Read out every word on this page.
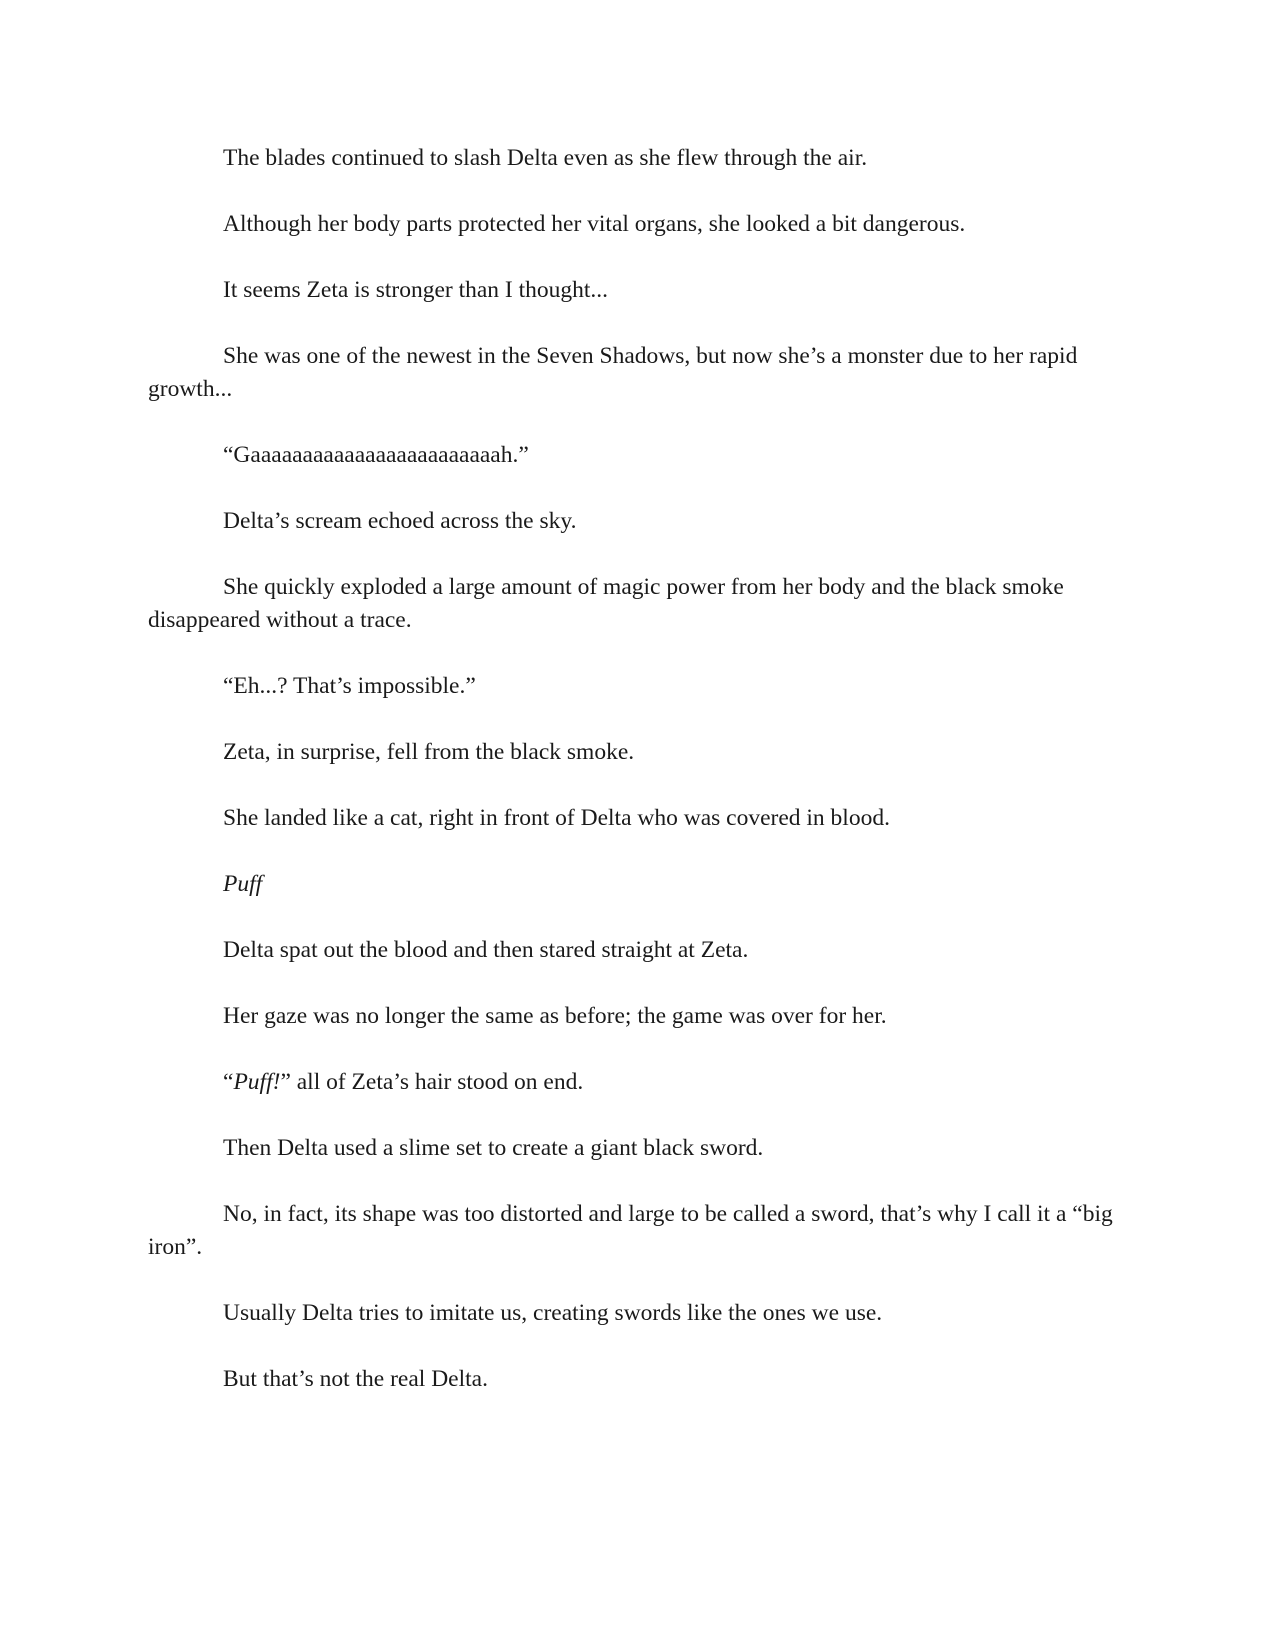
The blades continued to slash Delta even as she flew through the air.

Although her body parts protected her vital organs, she looked a bit dangerous.

It seems Zeta is stronger than I thought...

She was one of the newest in the Seven Shadows, but now she’s a monster due to her rapid growth...

“Gaaaaaaaaaaaaaaaaaaaaaaaah.”

Delta’s scream echoed across the sky.

She quickly exploded a large amount of magic power from her body and the black smoke disappeared without a trace.

“Eh...? That’s impossible.”

Zeta, in surprise, fell from the black smoke.

She landed like a cat, right in front of Delta who was covered in blood.

Puff

Delta spat out the blood and then stared straight at Zeta.

Her gaze was no longer the same as before; the game was over for her.

“Puff!” all of Zeta’s hair stood on end.

Then Delta used a slime set to create a giant black sword.

No, in fact, its shape was too distorted and large to be called a sword, that’s why I call it a “big iron”.

Usually Delta tries to imitate us, creating swords like the ones we use.

But that’s not the real Delta.
